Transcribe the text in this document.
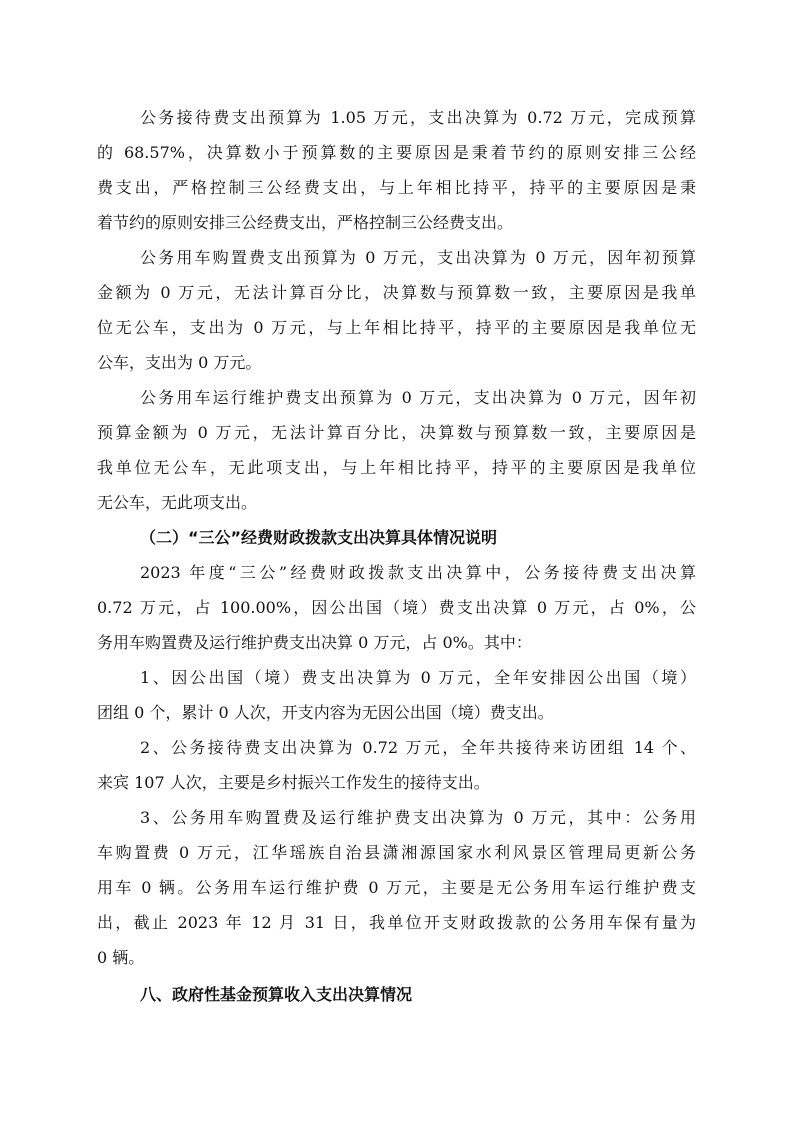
公务接待费支出预算为 1.05 万元，支出决算为 0.72 万元，完成预算
的 68.57%，决算数小于预算数的主要原因是秉着节约的原则安排三公经
费支出，严格控制三公经费支出，与上年相比持平，持平的主要原因是秉
着节约的原则安排三公经费支出，严格控制三公经费支出。
公务用车购置费支出预算为 0 万元，支出决算为 0 万元，因年初预算
金额为 0 万元，无法计算百分比，决算数与预算数一致，主要原因是我单
位无公车，支出为 0 万元，与上年相比持平，持平的主要原因是我单位无
公车，支出为 0 万元。
公务用车运行维护费支出预算为 0 万元，支出决算为 0 万元，因年初
预算金额为 0 万元，无法计算百分比，决算数与预算数一致，主要原因是
我单位无公车，无此项支出，与上年相比持平，持平的主要原因是我单位
无公车，无此项支出。
（二）“三公”经费财政拨款支出决算具体情况说明
2023 年度“三公”经费财政拨款支出决算中，公务接待费支出决算
0.72 万元，占 100.00%，因公出国（境）费支出决算 0 万元，占 0%，公
务用车购置费及运行维护费支出决算 0 万元，占 0%。其中：
1、因公出国（境）费支出决算为 0 万元，全年安排因公出国（境）
团组 0 个，累计 0 人次，开支内容为无因公出国（境）费支出。
2、公务接待费支出决算为 0.72 万元，全年共接待来访团组 14 个、
来宾 107 人次，主要是乡村振兴工作发生的接待支出。
3、公务用车购置费及运行维护费支出决算为 0 万元，其中：公务用
车购置费 0 万元，江华瑶族自治县潇湘源国家水利风景区管理局更新公务
用车 0 辆。公务用车运行维护费 0 万元，主要是无公务用车运行维护费支
出，截止 2023 年 12 月 31 日，我单位开支财政拨款的公务用车保有量为
0 辆。
八、政府性基金预算收入支出决算情况
